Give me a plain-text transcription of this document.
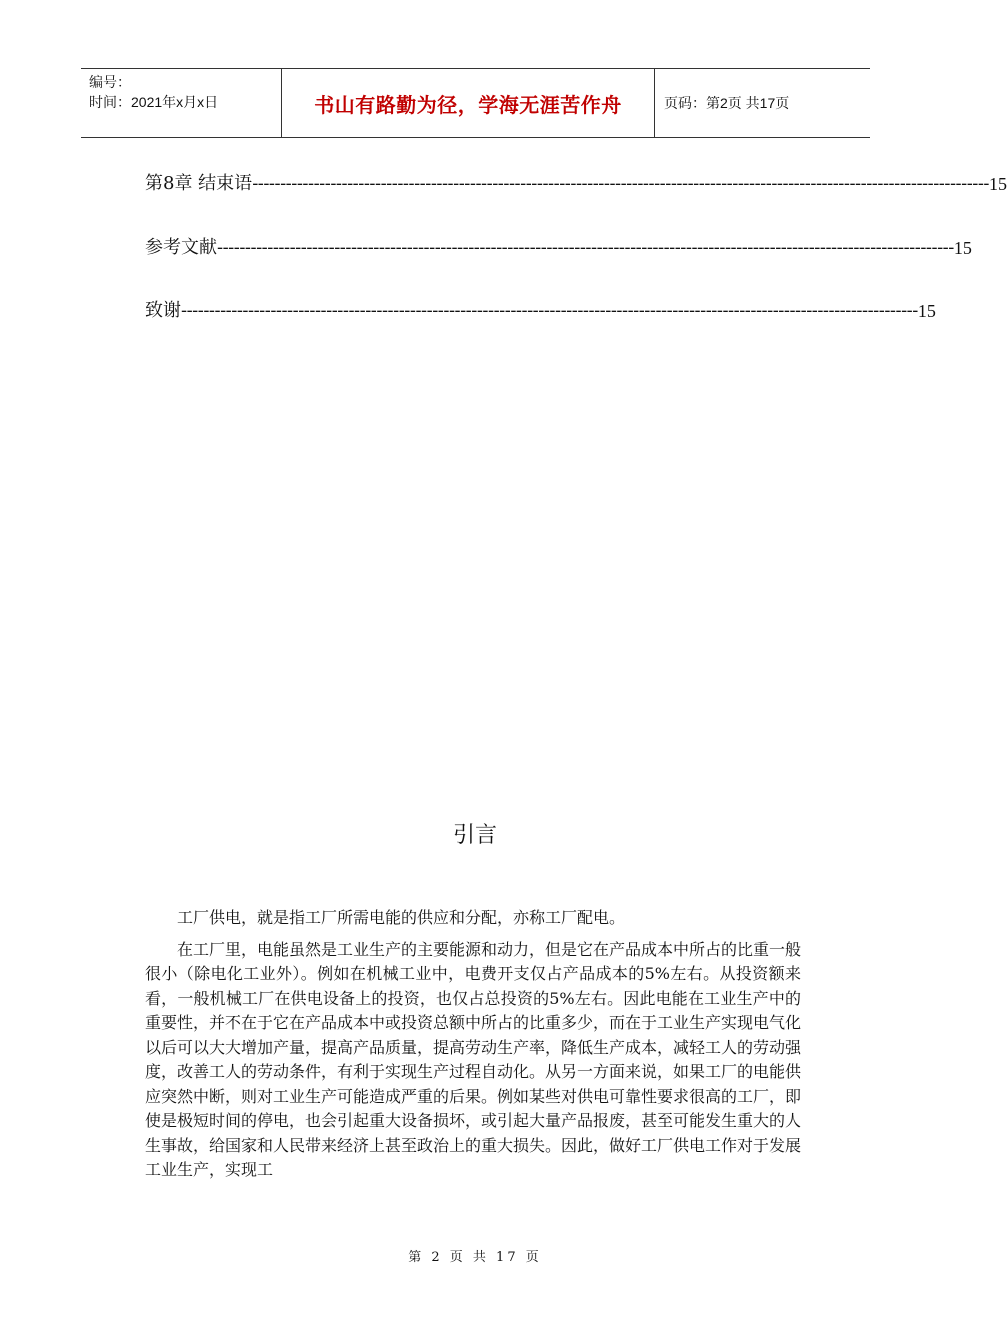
编号：
时间：2021年x月x日	书山有路勤为径，学海无涯苦作舟	页码：第2页 共17页
第8章 结束语 ------------------------------------------------------------------------------------------------------------------------------------ 15
参考文献 ------------------------------------------------------------------------------------------------------------------------------------ 15
致谢 ------------------------------------------------------------------------------------------------------------------------------------ 15
引言

工厂供电，就是指工厂所需电能的供应和分配，亦称工厂配电。

在工厂里，电能虽然是工业生产的主要能源和动力，但是它在产品成本中所占的比重一般很小（除电化工业外）。例如在机械工业中，电费开支仅占产品成本的5%左右。从投资额来看，一般机械工厂在供电设备上的投资，也仅占总投资的5%左右。因此电能在工业生产中的重要性，并不在于它在产品成本中或投资总额中所占的比重多少，而在于工业生产实现电气化以后可以大大增加产量，提高产品质量，提高劳动生产率，降低生产成本，减轻工人的劳动强度，改善工人的劳动条件，有利于实现生产过程自动化。从另一方面来说，如果工厂的电能供应突然中断，则对工业生产可能造成严重的后果。例如某些对供电可靠性要求很高的工厂，即使是极短时间的停电，也会引起重大设备损坏，或引起大量产品报废，甚至可能发生重大的人生事故，给国家和人民带来经济上甚至政治上的重大损失。因此，做好工厂供电工作对于发展工业生产，实现工

第 2 页 共 17 页
